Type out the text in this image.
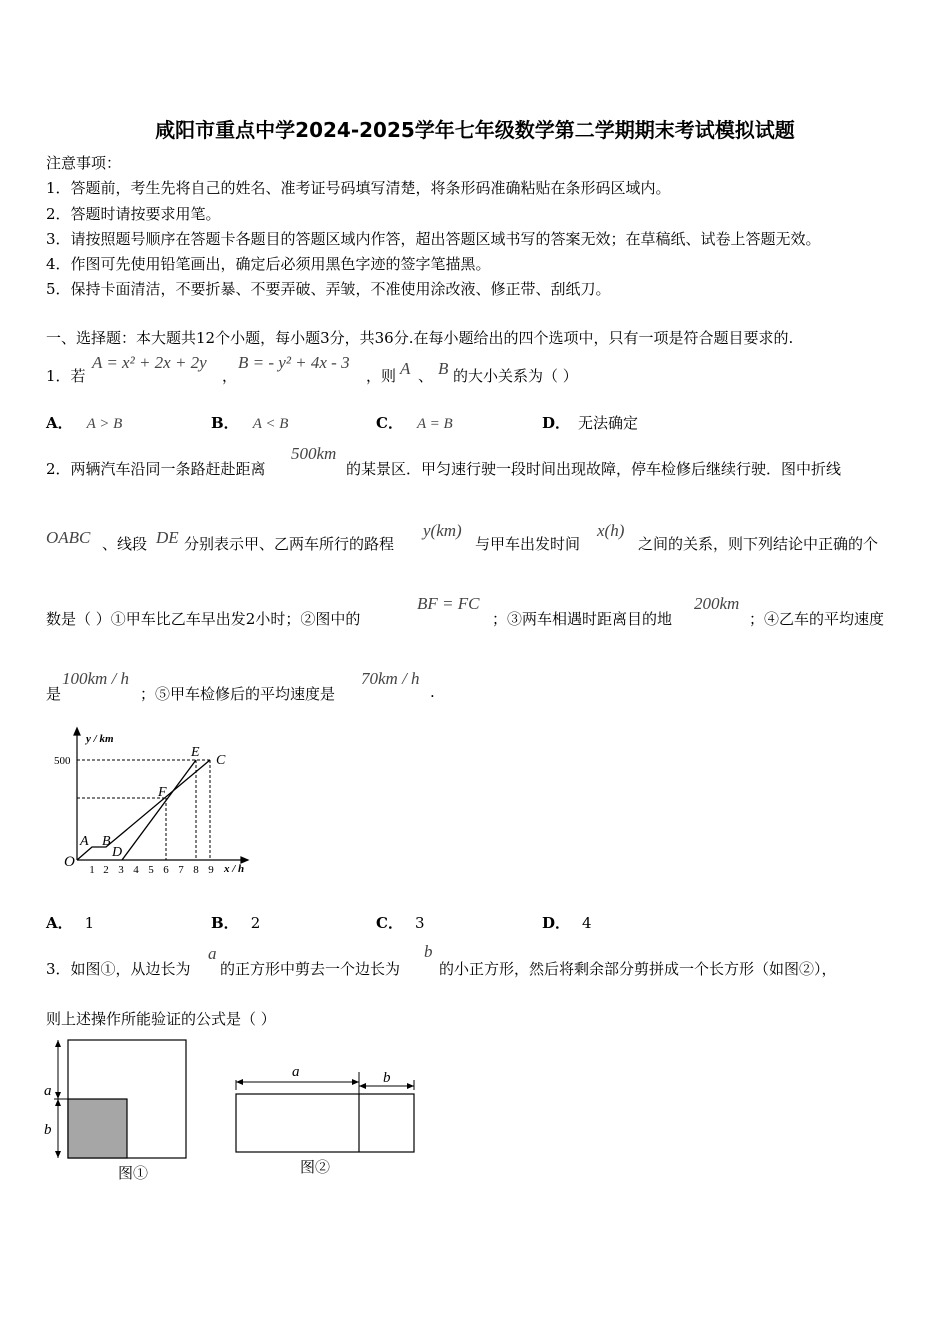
咸阳市重点中学2024-2025学年七年级数学第二学期期末考试模拟试题
注意事项：
1．答题前，考生先将自己的姓名、准考证号码填写清楚，将条形码准确粘贴在条形码区域内。
2．答题时请按要求用笔。
3．请按照题号顺序在答题卡各题目的答题区域内作答，超出答题区域书写的答案无效；在草稿纸、试卷上答题无效。
4．作图可先使用铅笔画出，确定后必须用黑色字迹的签字笔描黑。
5．保持卡面清洁，不要折暴、不要弄破、弄皱，不准使用涂改液、修正带、刮纸刀。
一、选择题：本大题共12个小题，每小题3分，共36分.在每小题给出的四个选项中，只有一项是符合题目要求的.
1．若
A = x² + 2x + 2y
，
B = - y² + 4x - 3
，则 A 、 B 的大小关系为（ ）
A． A > B	B． A < B	C． A = B	D． 无法确定
2．两辆汽车沿同一条路赶赴距离
500km
的某景区．甲匀速行驶一段时间出现故障，停车检修后继续行驶．图中折线
OABC 、线段 DE 分别表示甲、乙两车所行的路程
y(km)
与甲车出发时间
x(h)
之间的关系，则下列结论中正确的个
数是（ ）①甲车比乙车早出发2小时；②图中的
BF = FC
；③两车相遇时距离目的地
200km
；④乙车的平均速度
是
100km / h
；⑤甲车检修后的平均速度是
70km / h
.
y / km
x / h
500
O 1 2 3 4 5 6 7 8 9
A B
C
D
E
F
A． 1	B． 2	C． 3	D． 4
3．如图①，从边长为
a
的正方形中剪去一个边长为
b
的小正方形，然后将剩余部分剪拼成一个长方形（如图②），
则上述操作所能验证的公式是（ ）
a
b
图①
a	b
图②
